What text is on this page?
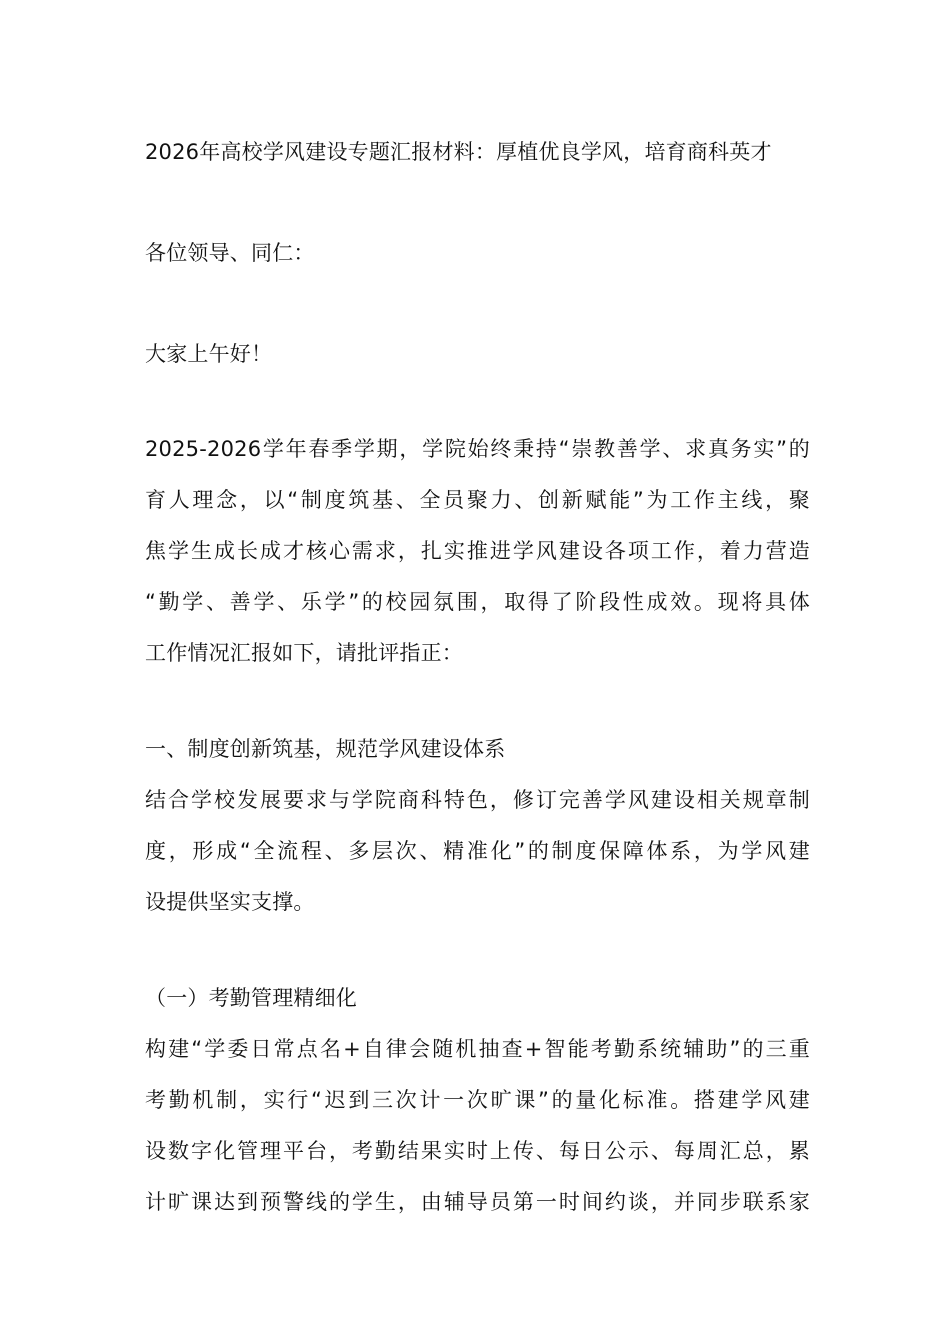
2026年高校学风建设专题汇报材料：厚植优良学风，培育商科英才
各位领导、同仁：
大家上午好！
2025-2026学年春季学期，学院始终秉持“崇教善学、求真务实”的
育人理念，以“制度筑基、全员聚力、创新赋能”为工作主线，聚
焦学生成长成才核心需求，扎实推进学风建设各项工作，着力营造
“勤学、善学、乐学”的校园氛围，取得了阶段性成效。现将具体
工作情况汇报如下，请批评指正：
一、制度创新筑基，规范学风建设体系
结合学校发展要求与学院商科特色，修订完善学风建设相关规章制
度，形成“全流程、多层次、精准化”的制度保障体系，为学风建
设提供坚实支撑。
（一）考勤管理精细化
构建“学委日常点名+自律会随机抽查+智能考勤系统辅助”的三重
考勤机制，实行“迟到三次计一次旷课”的量化标准。搭建学风建
设数字化管理平台，考勤结果实时上传、每日公示、每周汇总，累
计旷课达到预警线的学生，由辅导员第一时间约谈，并同步联系家
